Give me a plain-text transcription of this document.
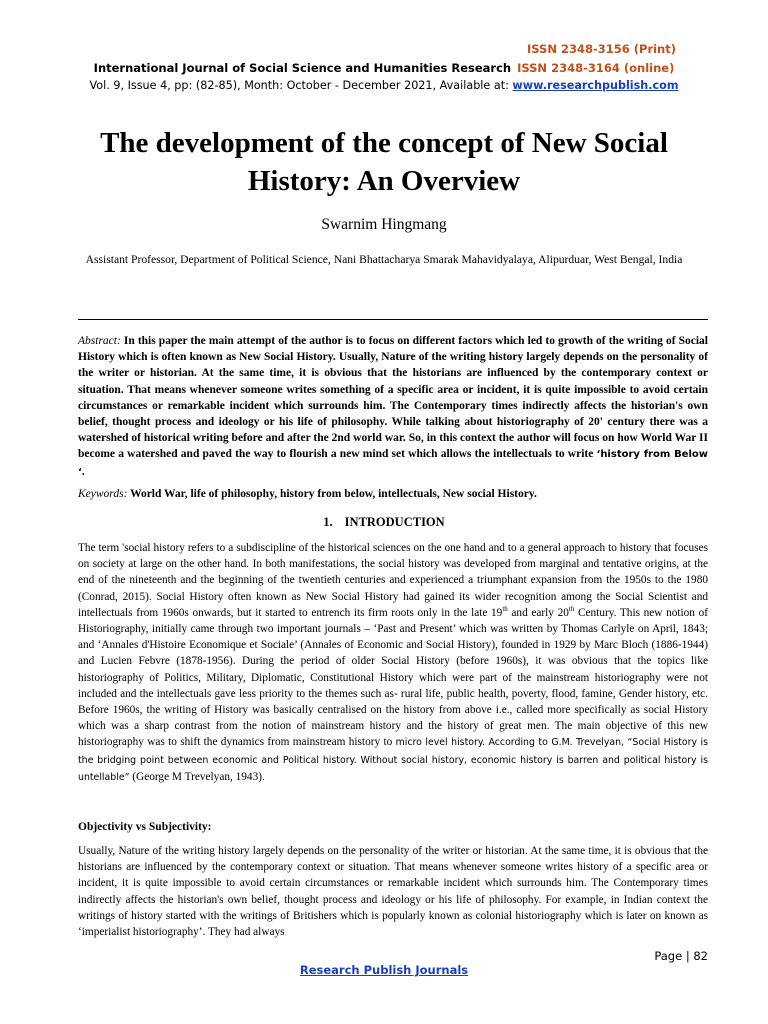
ISSN 2348-3156 (Print)
International Journal of Social Science and Humanities Research ISSN 2348-3164 (online)
Vol. 9, Issue 4, pp: (82-85), Month: October - December 2021, Available at: www.researchpublish.com
The development of the concept of New Social History: An Overview
Swarnim Hingmang
Assistant Professor, Department of Political Science, Nani Bhattacharya Smarak Mahavidyalaya, Alipurduar, West Bengal, India
Abstract: In this paper the main attempt of the author is to focus on different factors which led to growth of the writing of Social History which is often known as New Social History. Usually, Nature of the writing history largely depends on the personality of the writer or historian. At the same time, it is obvious that the historians are influenced by the contemporary context or situation. That means whenever someone writes something of a specific area or incident, it is quite impossible to avoid certain circumstances or remarkable incident which surrounds him. The Contemporary times indirectly affects the historian's own belief, thought process and ideology or his life of philosophy. While talking about historiography of 20' century there was a watershed of historical writing before and after the 2nd world war. So, in this context the author will focus on how World War II become a watershed and paved the way to flourish a new mind set which allows the intellectuals to write ‘history from Below ‘.
Keywords: World War, life of philosophy, history from below, intellectuals, New social History.
1. INTRODUCTION
The term 'social history refers to a subdiscipline of the historical sciences on the one hand and to a general approach to history that focuses on society at large on the other hand. In both manifestations, the social history was developed from marginal and tentative origins, at the end of the nineteenth and the beginning of the twentieth centuries and experienced a triumphant expansion from the 1950s to the 1980 (Conrad, 2015). Social History often known as New Social History had gained its wider recognition among the Social Scientist and intellectuals from 1960s onwards, but it started to entrench its firm roots only in the late 19th and early 20th Century. This new notion of Historiography, initially came through two important journals – ‘Past and Present’ which was written by Thomas Carlyle on April, 1843; and ‘Annales d'Histoire Economique et Sociale’ (Annales of Economic and Social History), founded in 1929 by Marc Bloch (1886-1944) and Lucien Febvre (1878-1956). During the period of older Social History (before 1960s), it was obvious that the topics like historiography of Politics, Military, Diplomatic, Constitutional History which were part of the mainstream historiography were not included and the intellectuals gave less priority to the themes such as- rural life, public health, poverty, flood, famine, Gender history, etc. Before 1960s, the writing of History was basically centralised on the history from above i.e., called more specifically as social History which was a sharp contrast from the notion of mainstream history and the history of great men. The main objective of this new historiography was to shift the dynamics from mainstream history to micro level history. According to G.M. Trevelyan, “Social History is the bridging point between economic and Political history. Without social history, economic history is barren and political history is untellable” (George M Trevelyan, 1943).
Objectivity vs Subjectivity:
Usually, Nature of the writing history largely depends on the personality of the writer or historian. At the same time, it is obvious that the historians are influenced by the contemporary context or situation. That means whenever someone writes history of a specific area or incident, it is quite impossible to avoid certain circumstances or remarkable incident which surrounds him. The Contemporary times indirectly affects the historian's own belief, thought process and ideology or his life of philosophy. For example, in Indian context the writings of history started with the writings of Britishers which is popularly known as colonial historiography which is later on known as ‘imperialist historiography’. They had always
Page | 82
Research Publish Journals
